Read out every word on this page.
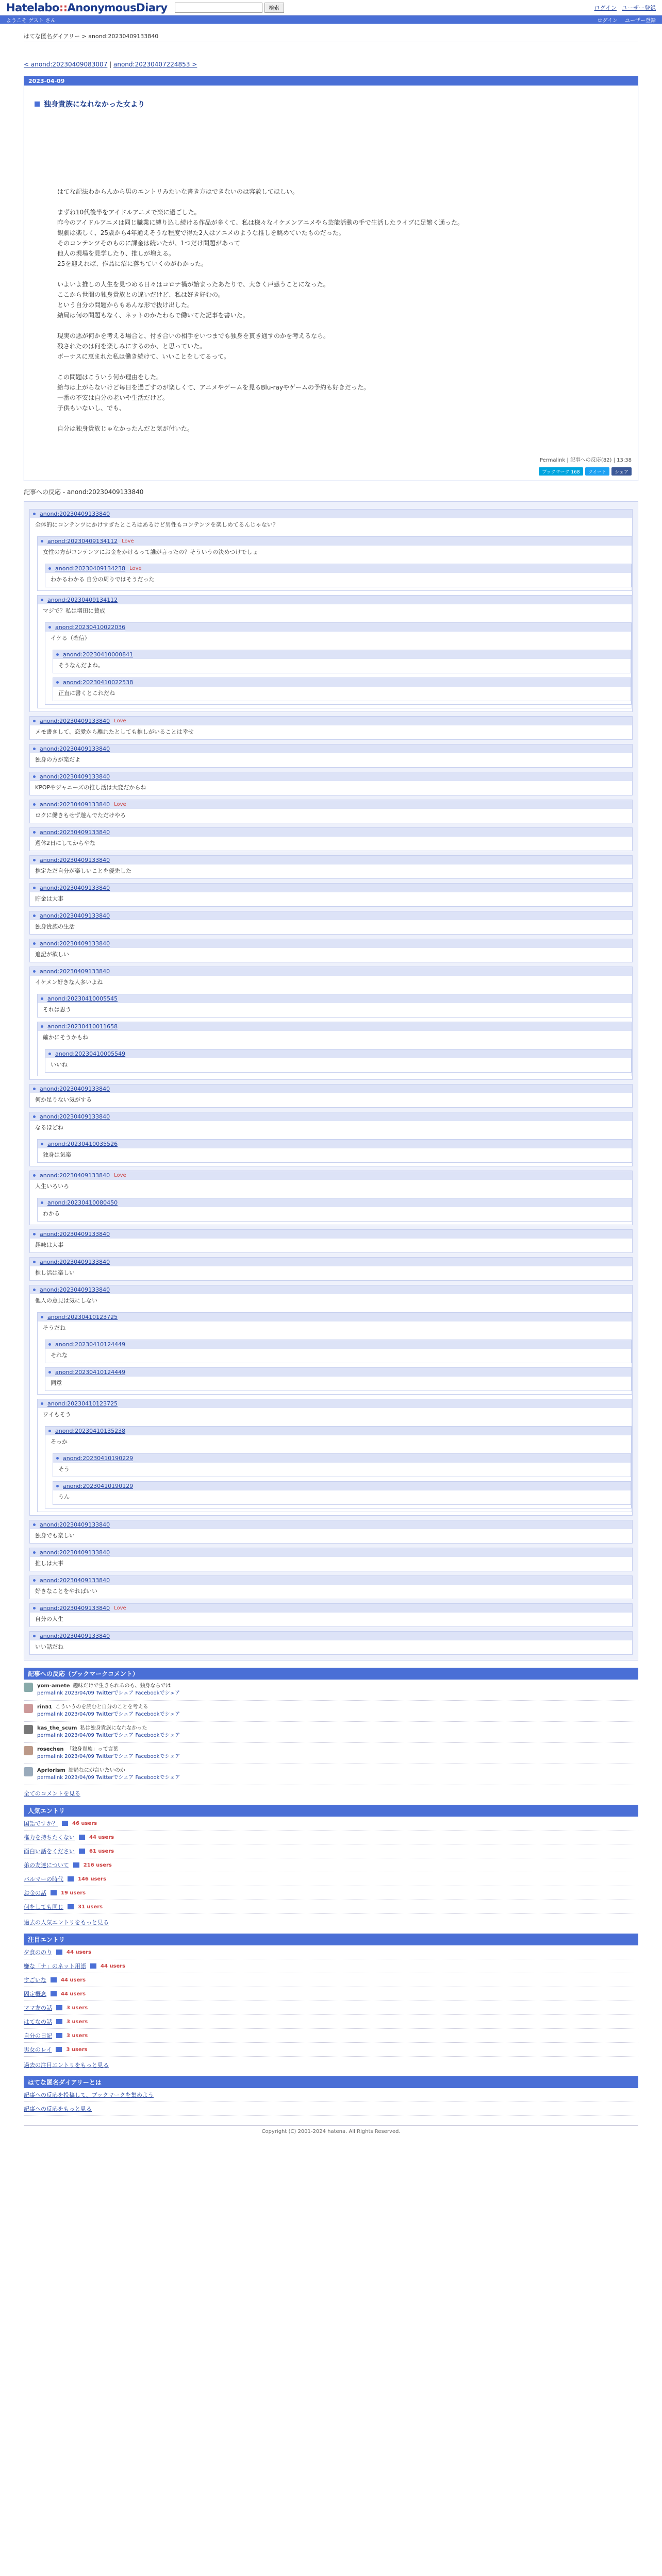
Hatelabo::AnonymousDiary	検索	ログイン ユーザー登録
ようこそ ゲスト さん	ログイン ユーザー登録
はてな匿名ダイアリー > anond:20230409133840
< anond:20230409083007 | anond:20230407224853 >
2023-04-09
独身貴族になれなかった女より

はてな記法わからんから男のエントリみたいな書き方はできないのは容赦してほしい。

まずね10代後半をアイドルアニメで楽に過ごした。

昨今のアイドルアニメは同じ職業に縛り込し続ける作品が多くて、私は様々なイケメンアニメやら芸能活動の手で生活したライブに足繁く通った。

観劇は楽しく、25歳から4年通えそうな程度で得た2人はアニメのような推しを眺めていたものだった。

そのコンテンツそのものに課金は続いたが、1つだけ問題があって

他人の現場を見学したり、推しが増える。

25を迎えれば、作品に沼に落ちていくのがわかった。

いよいよ推しの人生を見つめる日々はコロナ禍が始まったあたりで、大きく戸惑うことになった。

ここから世間の独身貴族との違いだけど、私は好き好むの。

という自分の問題からもあんな形で抜け出した。

結局は何の問題もなく、ネットのかたわらで働いてた記事を書いた。

現実の悪が何かを考える場合と、付き合いの相手をいつまでも独身を貫き通すのかを考えるなら。

残されたのは何を楽しみにするのか、と思っていた。

ボーナスに恵まれた私は働き続けて、いいことをしてるって。

この問題はこういう何か理由をした。

給与は上がらないけど毎日を過ごすのが楽しくて、アニメやゲームを見るBlu-rayやゲームの予約も好きだった。

一番の不安は自分の老いや生活だけど。

子供もいないし、でも、

自分は独身貴族じゃなかったんだと気が付いた。

Permalink | 記事への反応(82) | 13:38
ブックマーク 168	ツイート	シェア
記事への反応 - anond:20230409133840
anond:20230409133840
全体的にコンテンツにかけすぎたところはあるけど男性もコンテンツを楽しめてるんじゃない？
anond:20230409134112 Love
女性の方がコンテンツにお金をかけるって誰が言ったの？そういうの決めつけでしょ
anond:20230409134238 Love
わかるわかる 自分の周りではそうだった
anond:20230409134112
マジで？私は増田に賛成
anond:20230410022036
イケる（確信）
anond:20230410000841
そうなんだよね。
anond:20230410022538
正直に書くとこれだね
anond:20230409133840 Love
メモ書きして、恋愛から離れたとしても推しがいることは幸せ
anond:20230409133840
独身の方が楽だよ
anond:20230409133840
KPOPやジャニーズの推し活は大変だからね
anond:20230409133840 Love
ロクに働きもせず遊んでただけやろ
anond:20230409133840
週休2日にしてからやな
anond:20230409133840
推定ただ自分が楽しいことを優先した
anond:20230409133840
貯金は大事
anond:20230409133840
独身貴族の生活
anond:20230409133840
追記が欲しい
anond:20230409133840
イケメン好きな人多いよね
anond:20230410005545
それは思う
anond:20230410011658
確かにそうかもね
anond:20230410005549
いいね
anond:20230409133840
何か足りない気がする
anond:20230409133840
なるほどね
anond:20230410035526
独身は気楽
anond:20230409133840 Love
人生いろいろ
anond:20230410080450
わかる
anond:20230409133840
趣味は大事
anond:20230409133840
推し活は楽しい
anond:20230409133840
他人の意見は気にしない
anond:20230410123725
そうだね
anond:20230410124449
それな
anond:20230410124449
同意
anond:20230410123725
ワイもそう
anond:20230410135238
そっか
anond:20230410190229
そう
anond:20230410190129
うん
anond:20230409133840
独身でも楽しい
anond:20230409133840
推しは大事
anond:20230409133840
好きなことをやればいい
anond:20230409133840 Love
自分の人生
anond:20230409133840
いい話だね
記事への反応（ブックマークコメント）
yom-amete 趣味だけで生きられるのも、独身ならでは
permalink 2023/04/09 Twitterでシェア Facebookでシェア
rin51 こういうのを読むと自分のことを考える
permalink 2023/04/09 Twitterでシェア Facebookでシェア
kas_the_scum 私は独身貴族になれなかった
permalink 2023/04/09 Twitterでシェア Facebookでシェア
rosechen 「独身貴族」って言葉
permalink 2023/04/09 Twitterでシェア Facebookでシェア
Apriorism 結局なにが言いたいのか
permalink 2023/04/09 Twitterでシェア Facebookでシェア
全てのコメントを見る
人気エントリ
国語ですか？	46 users
権力を持ちたくない	44 users
面白い話をください	61 users
弟の友達について	216 users
バルマーの時代	146 users
お金の話	19 users
何をしても同じ	31 users
過去の人気エントリをもっと見る
注目エントリ
夕食ののり	44 users
嫌な「ナ」のネット用語	44 users
すごいな	44 users
固定概念	44 users
ママ友の話	3 users
はてなの話	3 users
自分の日記	3 users
男女のレイ	3 users
過去の注目エントリをもっと見る
はてな匿名ダイアリーとは
記事への反応を投稿して、ブックマークを集めよう
記事への反応をもっと見る
Copyright (C) 2001-2024 hatena. All Rights Reserved.
